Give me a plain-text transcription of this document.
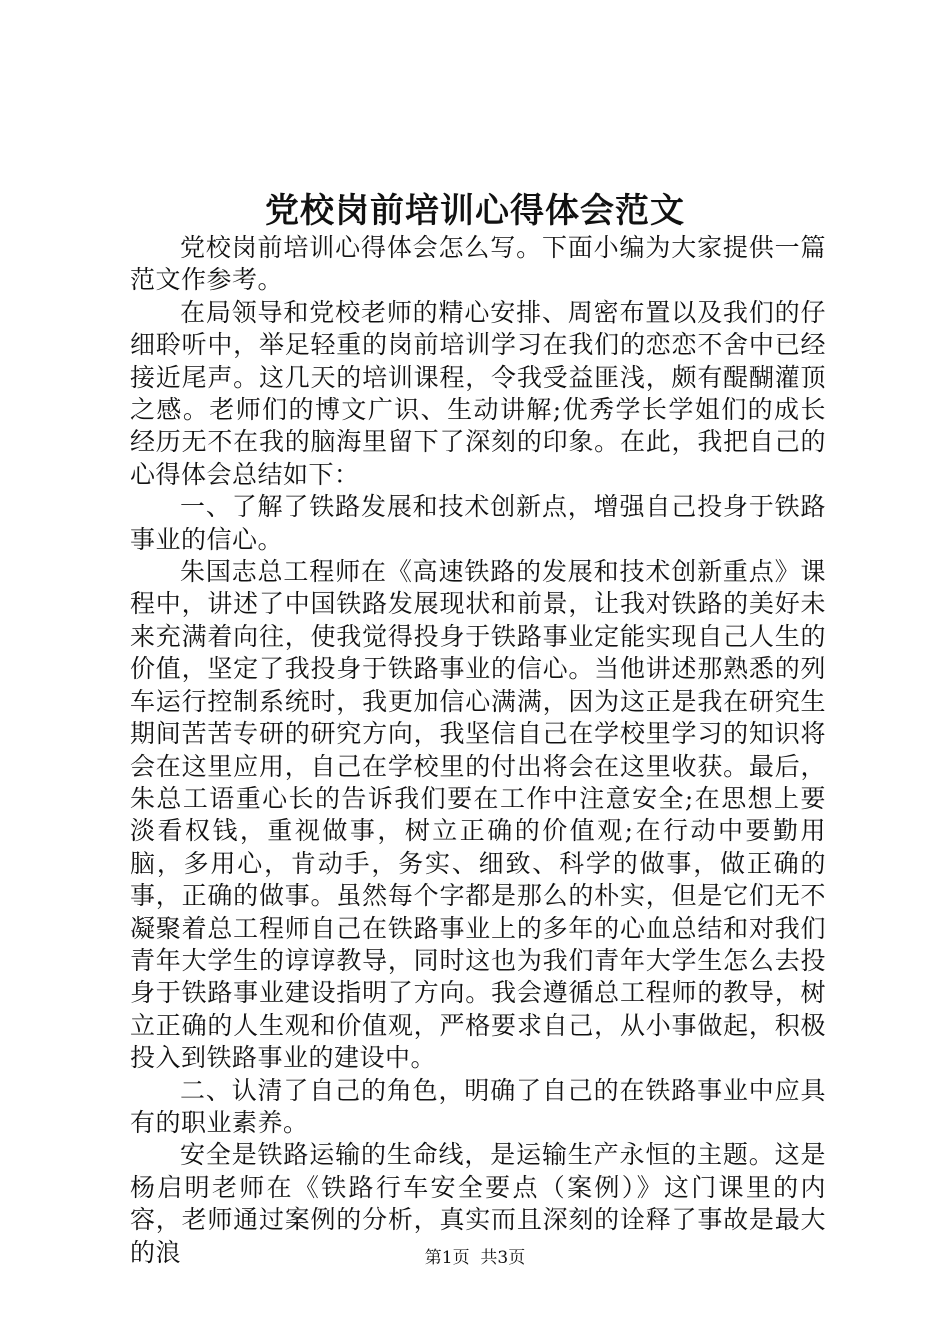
党校岗前培训心得体会范文

党校岗前培训心得体会怎么写。下面小编为大家提供一篇范文作参考。

在局领导和党校老师的精心安排、周密布置以及我们的仔细聆听中，举足轻重的岗前培训学习在我们的恋恋不舍中已经接近尾声。这几天的培训课程，令我受益匪浅，颇有醍醐灌顶之感。老师们的博文广识、生动讲解;优秀学长学姐们的成长经历无不在我的脑海里留下了深刻的印象。在此，我把自己的心得体会总结如下：

一、了解了铁路发展和技术创新点，增强自己投身于铁路事业的信心。

朱国志总工程师在《高速铁路的发展和技术创新重点》课程中，讲述了中国铁路发展现状和前景，让我对铁路的美好未来充满着向往，使我觉得投身于铁路事业定能实现自己人生的价值，坚定了我投身于铁路事业的信心。当他讲述那熟悉的列车运行控制系统时，我更加信心满满，因为这正是我在研究生期间苦苦专研的研究方向，我坚信自己在学校里学习的知识将会在这里应用，自己在学校里的付出将会在这里收获。最后，朱总工语重心长的告诉我们要在工作中注意安全;在思想上要淡看权钱，重视做事，树立正确的价值观;在行动中要勤用脑，多用心，肯动手，务实、细致、科学的做事，做正确的事，正确的做事。虽然每个字都是那么的朴实，但是它们无不凝聚着总工程师自己在铁路事业上的多年的心血总结和对我们青年大学生的谆谆教导，同时这也为我们青年大学生怎么去投身于铁路事业建设指明了方向。我会遵循总工程师的教导，树立正确的人生观和价值观，严格要求自己，从小事做起，积极投入到铁路事业的建设中。

二、认清了自己的角色，明确了自己的在铁路事业中应具有的职业素养。

安全是铁路运输的生命线，是运输生产永恒的主题。这是杨启明老师在《铁路行车安全要点（案例）》这门课里的内容，老师通过案例的分析，真实而且深刻的诠释了事故是最大的浪	第1页 共3页
